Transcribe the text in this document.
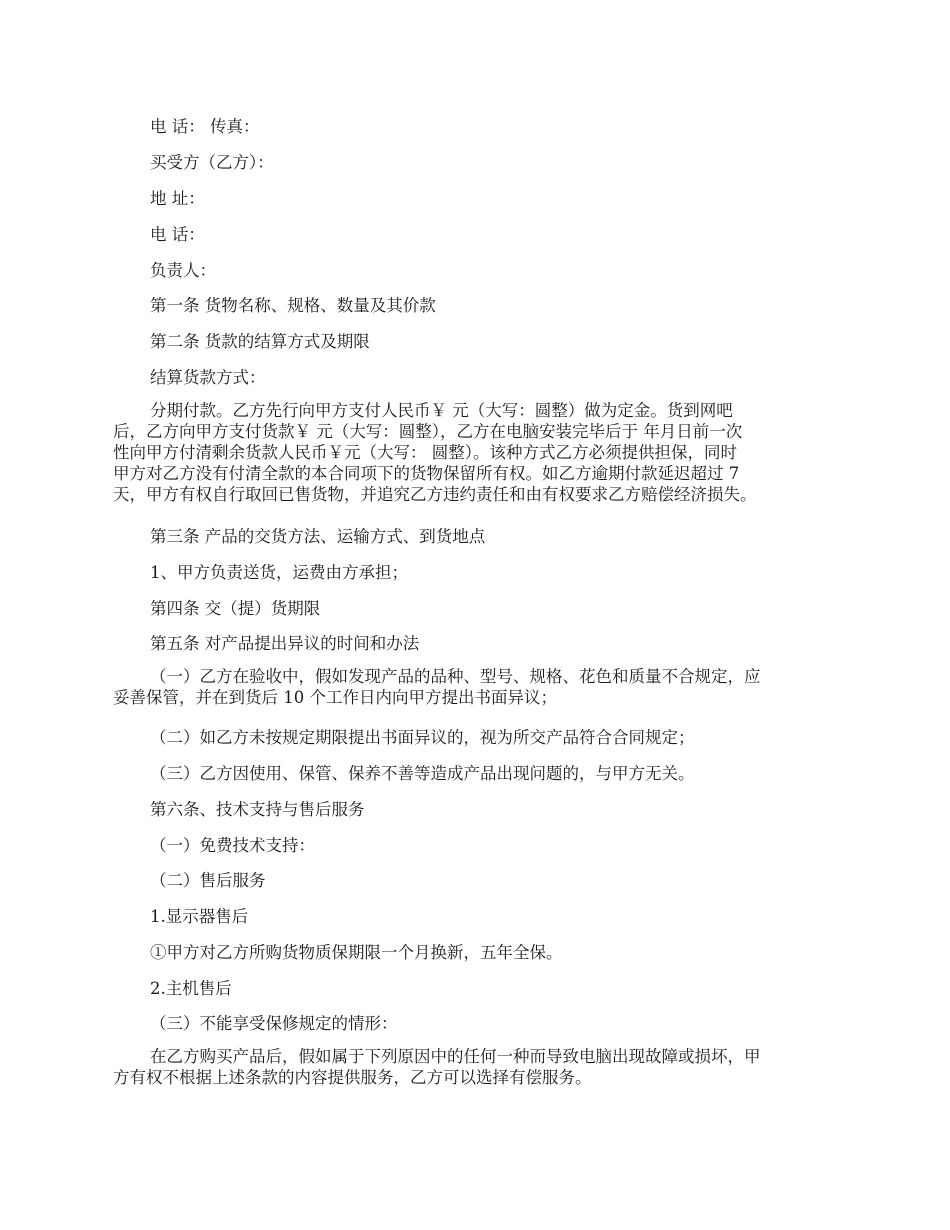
电 话： 传真：

买受方（乙方）：

地 址：

电 话：

负责人：

第一条 货物名称、规格、数量及其价款

第二条 货款的结算方式及期限

结算货款方式：

分期付款。乙方先行向甲方支付人民币￥ 元（大写：圆整）做为定金。货到网吧
后，乙方向甲方支付货款￥ 元（大写：圆整），乙方在电脑安装完毕后于 年月日前一次
性向甲方付清剩余货款人民币￥元（大写： 圆整）。该种方式乙方必须提供担保，同时
甲方对乙方没有付清全款的本合同项下的货物保留所有权。如乙方逾期付款延迟超过 7
天，甲方有权自行取回已售货物，并追究乙方违约责任和由有权要求乙方赔偿经济损失。

第三条 产品的交货方法、运输方式、到货地点

1、甲方负责送货，运费由方承担；

第四条 交（提）货期限

第五条 对产品提出异议的时间和办法

（一）乙方在验收中，假如发现产品的品种、型号、规格、花色和质量不合规定，应
妥善保管，并在到货后 10 个工作日内向甲方提出书面异议；

（二）如乙方未按规定期限提出书面异议的，视为所交产品符合合同规定；

（三）乙方因使用、保管、保养不善等造成产品出现问题的，与甲方无关。

第六条、技术支持与售后服务

（一）免费技术支持：

（二）售后服务

1.显示器售后

①甲方对乙方所购货物质保期限一个月换新，五年全保。

2.主机售后

（三）不能享受保修规定的情形：

在乙方购买产品后，假如属于下列原因中的任何一种而导致电脑出现故障或损坏，甲
方有权不根据上述条款的内容提供服务，乙方可以选择有偿服务。
